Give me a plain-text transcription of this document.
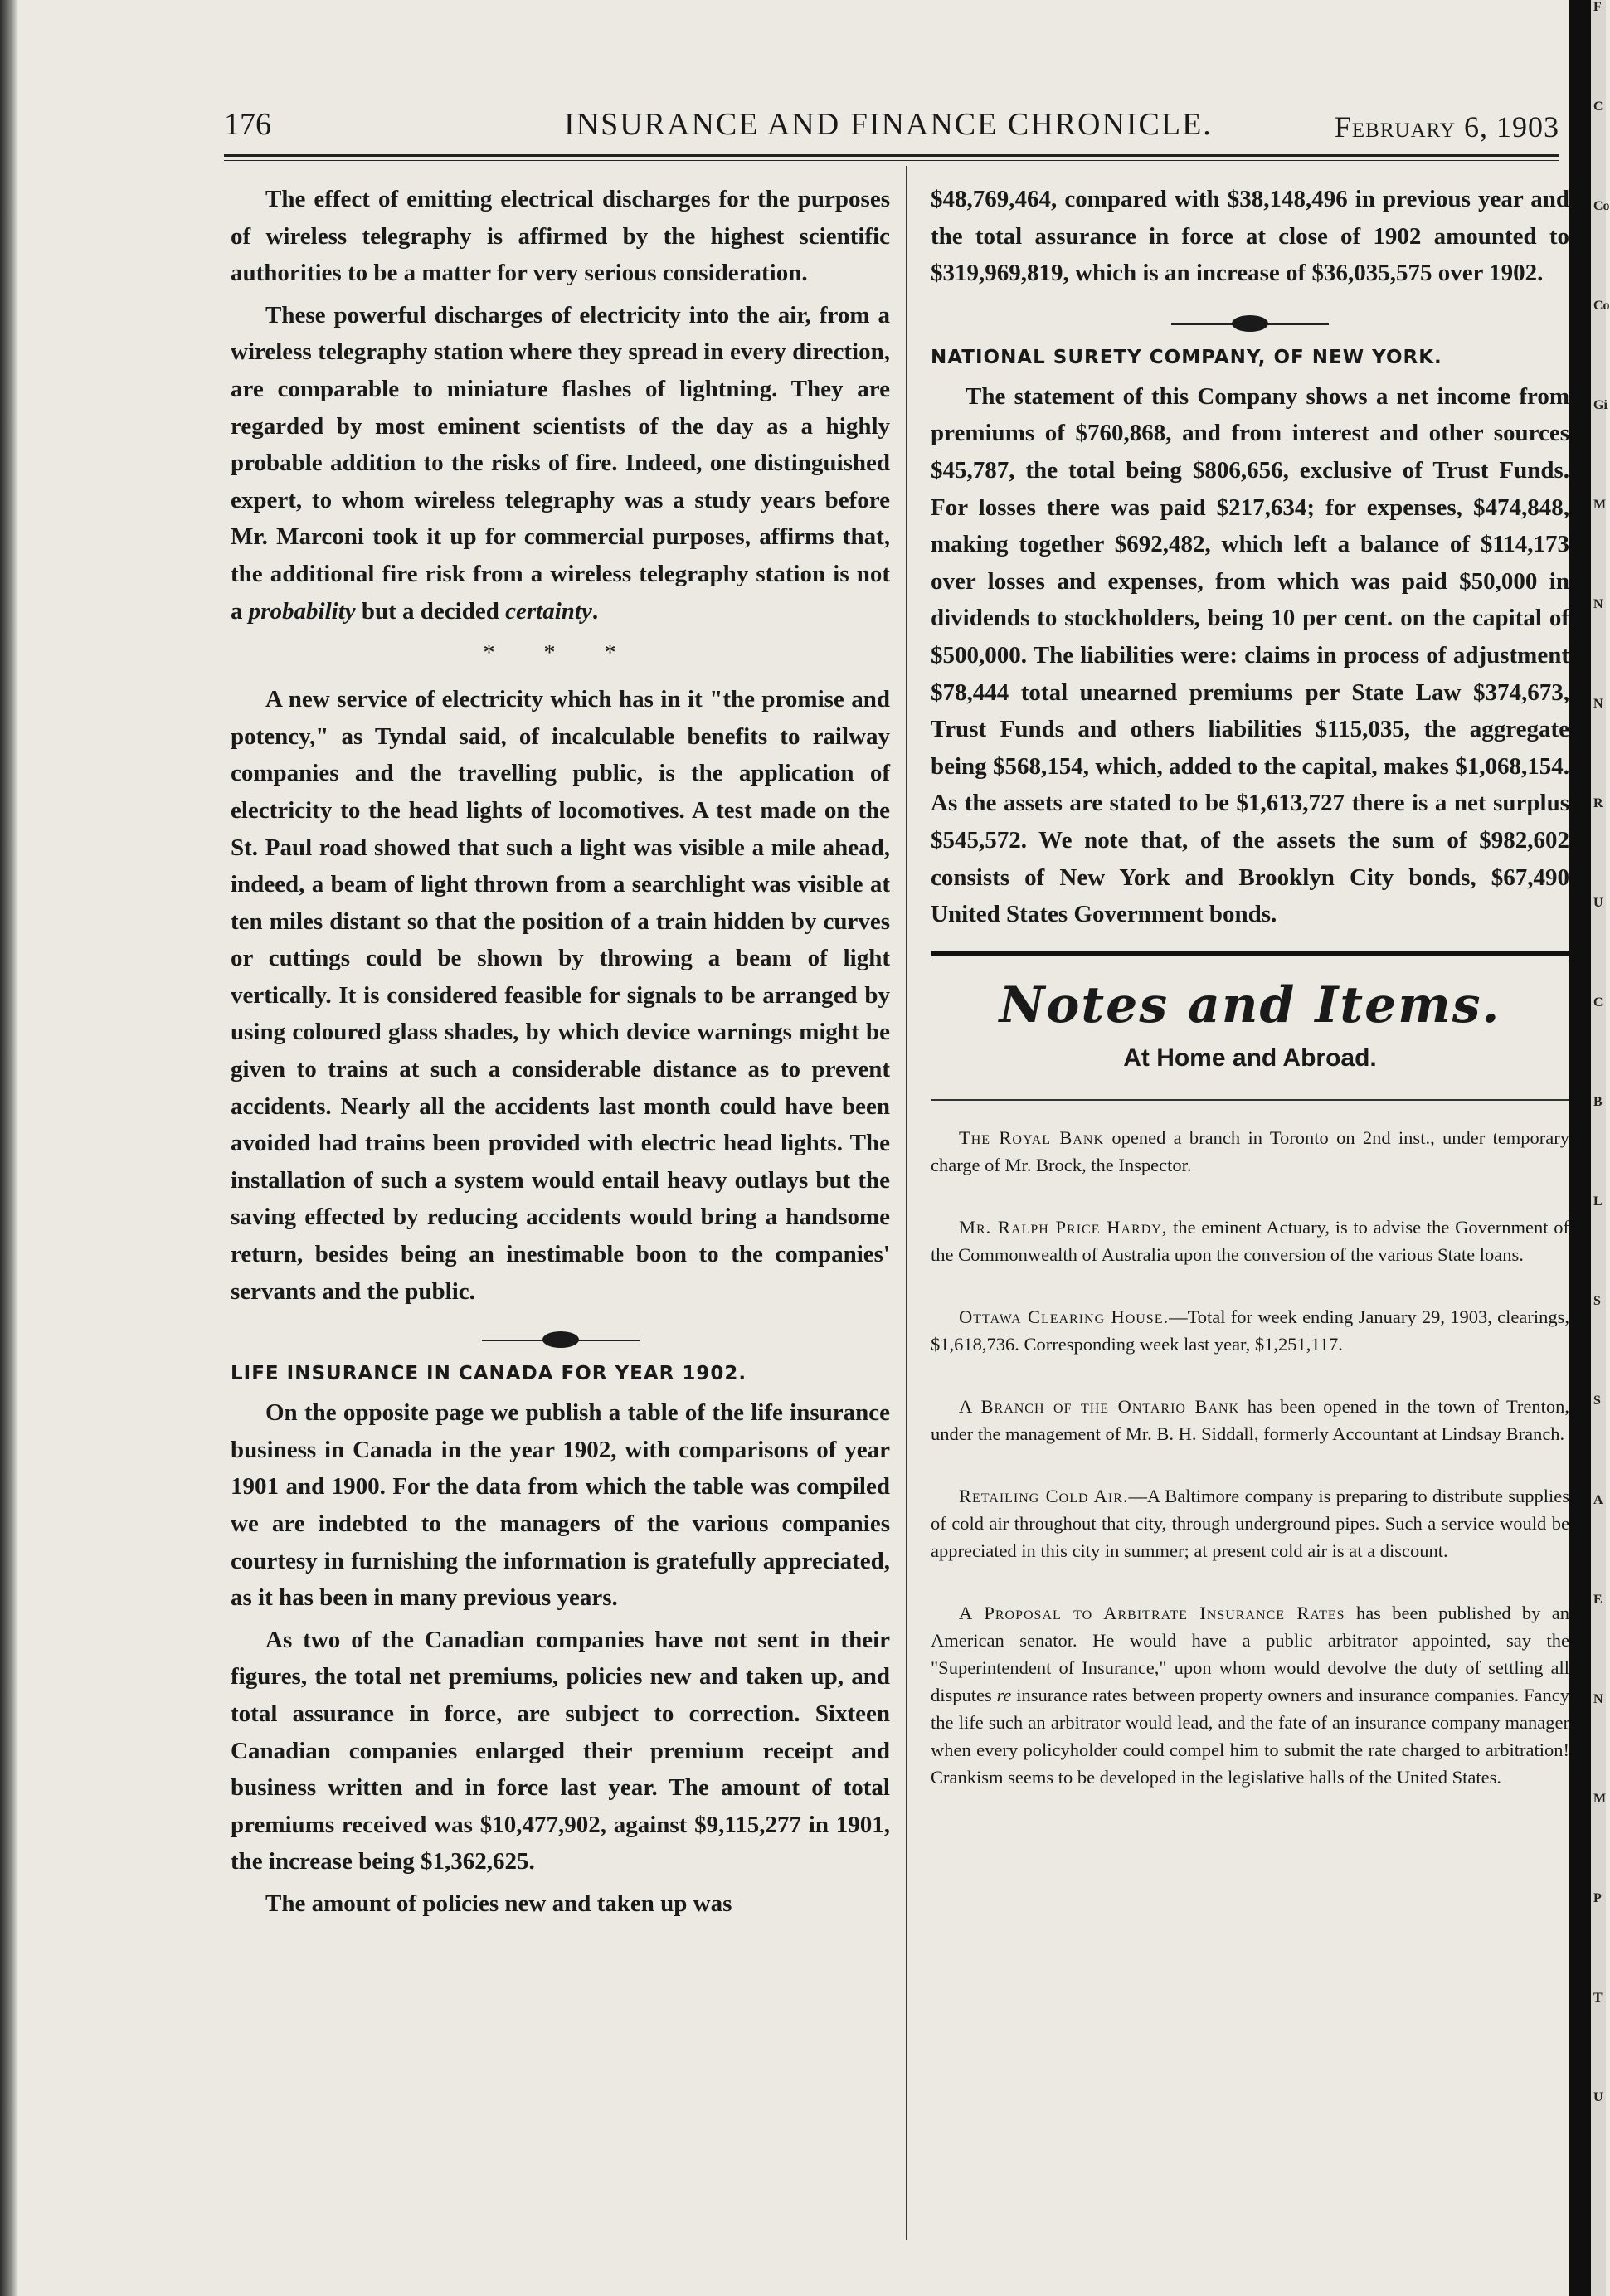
176	INSURANCE AND FINANCE CHRONICLE.	February 6, 1903

The effect of emitting electrical discharges for the purposes of wireless telegraphy is affirmed by the highest scientific authorities to be a matter for very serious consideration.

These powerful discharges of electricity into the air, from a wireless telegraphy station where they spread in every direction, are comparable to miniature flashes of lightning. They are regarded by most eminent scientists of the day as a highly probable addition to the risks of fire. Indeed, one distinguished expert, to whom wireless telegraphy was a study years before Mr. Marconi took it up for commercial purposes, affirms that, the additional fire risk from a wireless telegraphy station is not a probability but a decided certainty.

* * *

A new service of electricity which has in it "the promise and potency," as Tyndal said, of incalculable benefits to railway companies and the travelling public, is the application of electricity to the head lights of locomotives. A test made on the St. Paul road showed that such a light was visible a mile ahead, indeed, a beam of light thrown from a searchlight was visible at ten miles distant so that the position of a train hidden by curves or cuttings could be shown by throwing a beam of light vertically. It is considered feasible for signals to be arranged by using coloured glass shades, by which device warnings might be given to trains at such a considerable distance as to prevent accidents. Nearly all the accidents last month could have been avoided had trains been provided with electric head lights. The installation of such a system would entail heavy outlays but the saving effected by reducing accidents would bring a handsome return, besides being an inestimable boon to the companies' servants and the public.

LIFE INSURANCE IN CANADA FOR YEAR 1902.

On the opposite page we publish a table of the life insurance business in Canada in the year 1902, with comparisons of year 1901 and 1900. For the data from which the table was compiled we are indebted to the managers of the various companies courtesy in furnishing the information is gratefully appreciated, as it has been in many previous years.

As two of the Canadian companies have not sent in their figures, the total net premiums, policies new and taken up, and total assurance in force, are subject to correction. Sixteen Canadian companies enlarged their premium receipt and business written and in force last year. The amount of total premiums received was $10,477,902, against $9,115,277 in 1901, the increase being $1,362,625.

The amount of policies new and taken up was

$48,769,464, compared with $38,148,496 in previous year and the total assurance in force at close of 1902 amounted to $319,969,819, which is an increase of $36,035,575 over 1902.

NATIONAL SURETY COMPANY, OF NEW YORK.

The statement of this Company shows a net income from premiums of $760,868, and from interest and other sources $45,787, the total being $806,656, exclusive of Trust Funds. For losses there was paid $217,634; for expenses, $474,848, making together $692,482, which left a balance of $114,173 over losses and expenses, from which was paid $50,000 in dividends to stockholders, being 10 per cent. on the capital of $500,000. The liabilities were: claims in process of adjustment $78,444 total unearned premiums per State Law $374,673, Trust Funds and others liabilities $115,035, the aggregate being $568,154, which, added to the capital, makes $1,068,154. As the assets are stated to be $1,613,727 there is a net surplus $545,572. We note that, of the assets the sum of $982,602 consists of New York and Brooklyn City bonds, $67,490 United States Government bonds.

Notes and Items.
At Home and Abroad.
The Royal Bank opened a branch in Toronto on 2nd inst., under temporary charge of Mr. Brock, the Inspector.
Mr. Ralph Price Hardy, the eminent Actuary, is to advise the Government of the Commonwealth of Australia upon the conversion of the various State loans.
Ottawa Clearing House.—Total for week ending January 29, 1903, clearings, $1,618,736. Corresponding week last year, $1,251,117.
A Branch of the Ontario Bank has been opened in the town of Trenton, under the management of Mr. B. H. Siddall, formerly Accountant at Lindsay Branch.
Retailing Cold Air.—A Baltimore company is preparing to distribute supplies of cold air throughout that city, through underground pipes. Such a service would be appreciated in this city in summer; at present cold air is at a discount.
A Proposal to Arbitrate Insurance Rates has been published by an American senator. He would have a public arbitrator appointed, say the "Superintendent of Insurance," upon whom would devolve the duty of settling all disputes re insurance rates between property owners and insurance companies. Fancy the life such an arbitrator would lead, and the fate of an insurance company manager when every policyholder could compel him to submit the rate charged to arbitration! Crankism seems to be developed in the legislative halls of the United States.
F
C
Co
Co
Gi
M
N
N
R
U
C
B
L
S
S
A
E
N
M
P
T
U
